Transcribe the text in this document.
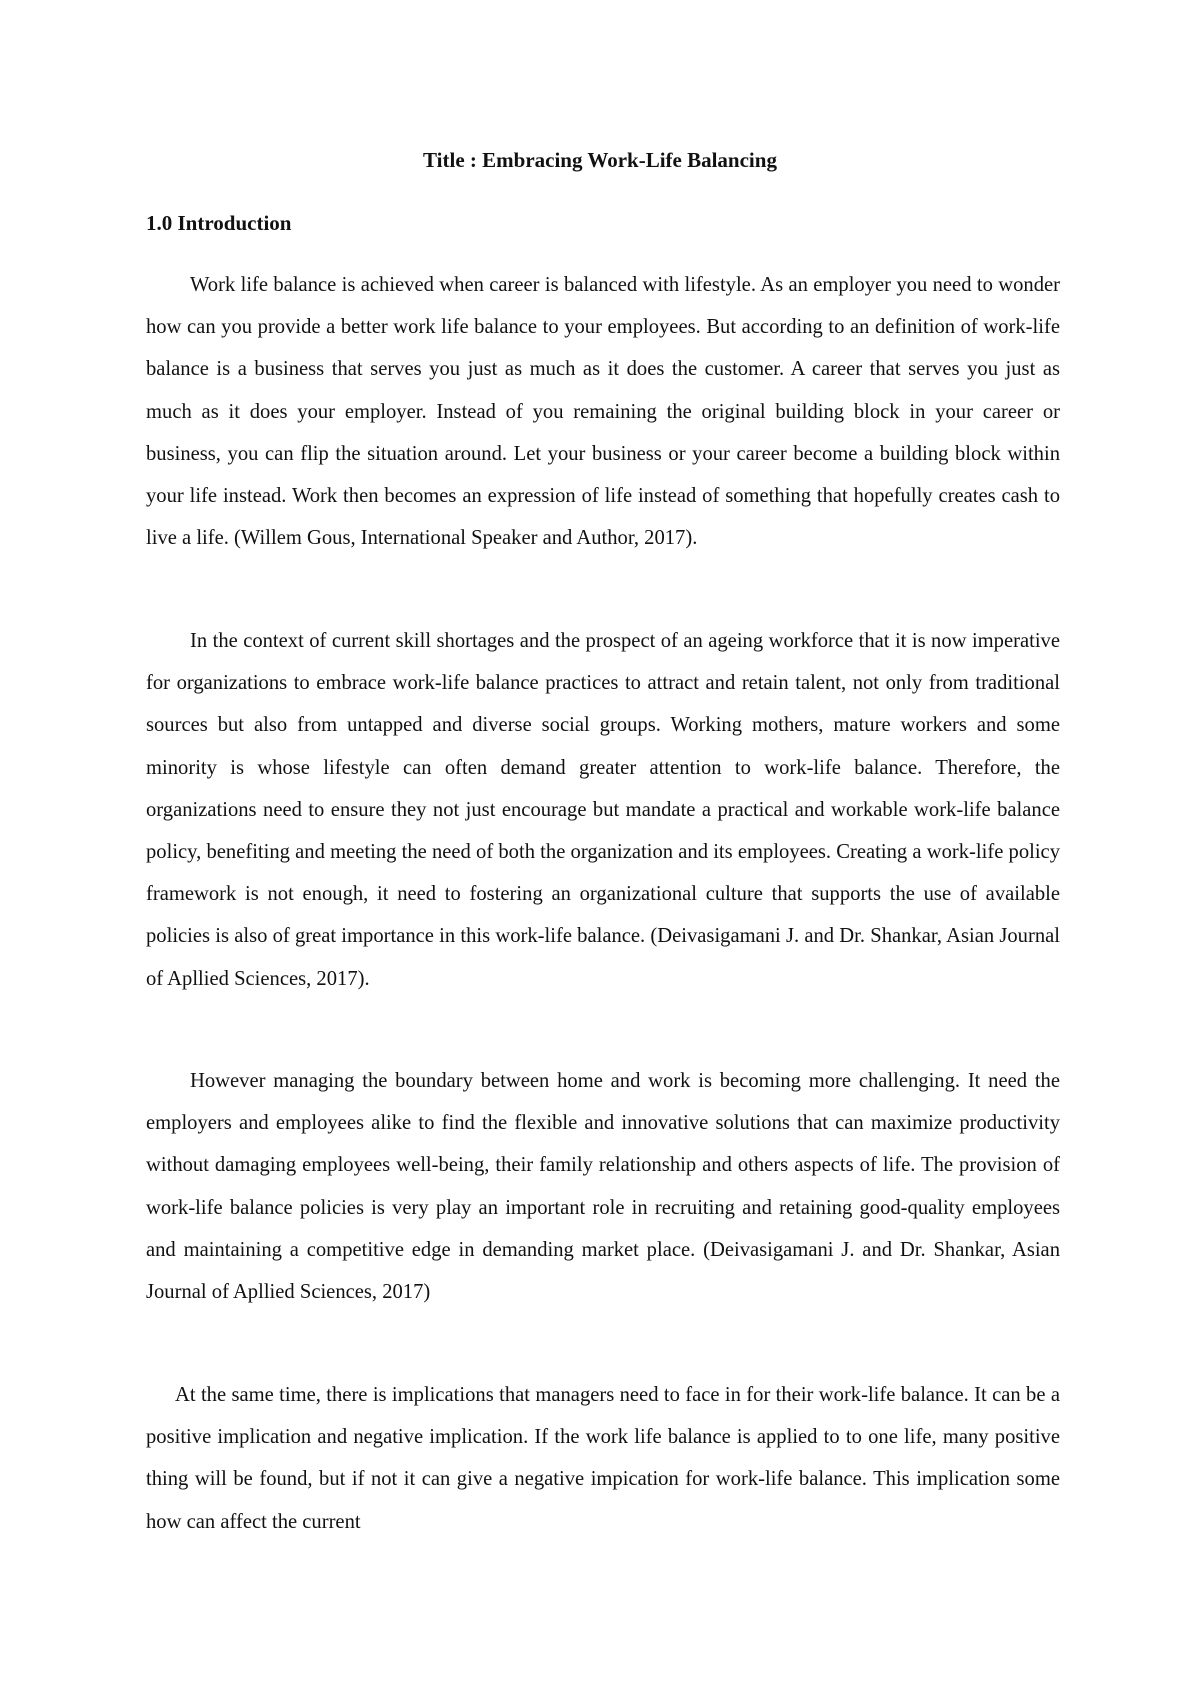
Title : Embracing Work-Life Balancing

1.0 Introduction

Work life balance is achieved when career is balanced with lifestyle. As an employer you need to wonder how can you provide a better work life balance to your employees. But according to an definition of work-life balance is a business that serves you just as much as it does the customer. A career that serves you just as much as it does your employer. Instead of you remaining the original building block in your career or business, you can flip the situation around. Let your business or your career become a building block within your life instead. Work then becomes an expression of life instead of something that hopefully creates cash to live a life. (Willem Gous, International Speaker and Author, 2017).

In the context of current skill shortages and the prospect of an ageing workforce that it is now imperative for organizations to embrace work-life balance practices to attract and retain talent, not only from traditional sources but also from untapped and diverse social groups. Working mothers, mature workers and some minority is whose lifestyle can often demand greater attention to work-life balance. Therefore, the organizations need to ensure they not just encourage but mandate a practical and workable work-life balance policy, benefiting and meeting the need of both the organization and its employees. Creating a work-life policy framework is not enough, it need to fostering an organizational culture that supports the use of available policies is also of great importance in this work-life balance. (Deivasigamani J. and Dr. Shankar, Asian Journal of Apllied Sciences, 2017).

However managing the boundary between home and work is becoming more challenging. It need the employers and employees alike to find the flexible and innovative solutions that can maximize productivity without damaging employees well-being, their family relationship and others aspects of life. The provision of work-life balance policies is very play an important role in recruiting and retaining good-quality employees and maintaining a competitive edge in demanding market place. (Deivasigamani J. and Dr. Shankar, Asian Journal of Apllied Sciences, 2017)

At the same time, there is implications that managers need to face in for their work-life balance. It can be a positive implication and negative implication. If the work life balance is applied to to one life, many positive thing will be found, but if not it can give a negative impication for work-life balance. This implication some how can affect the current
